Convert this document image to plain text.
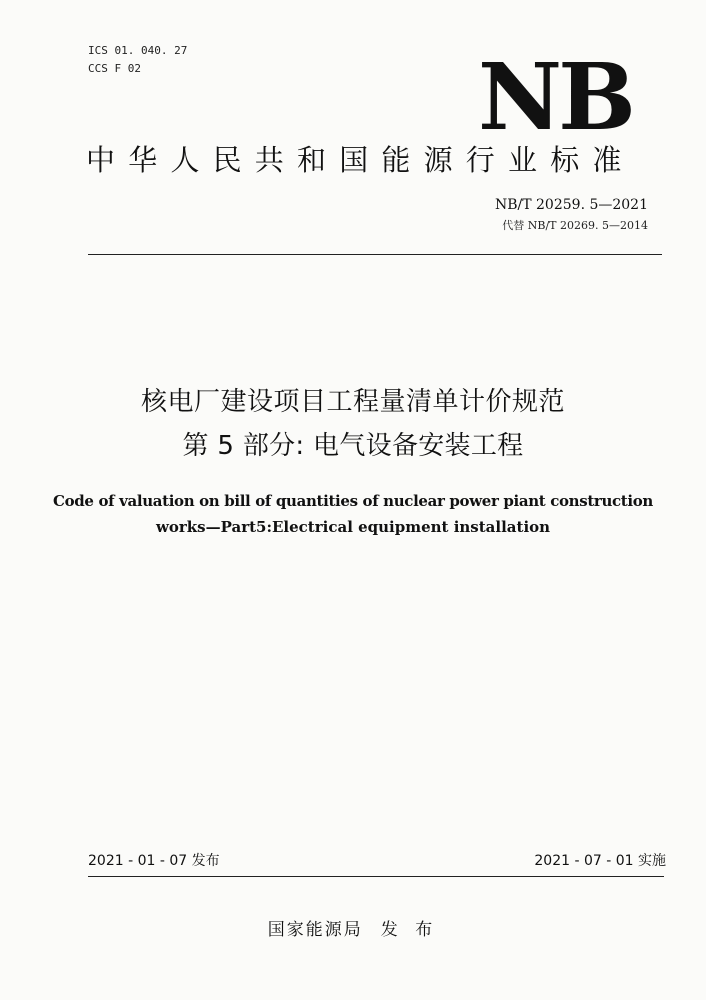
ICS 01. 040. 27
CCS F 02	NB
中华人民共和国能源行业标准
NB/T 20259. 5—2021
代替 NB/T 20269. 5—2014
核电厂建设项目工程量清单计价规范
第 5 部分: 电气设备安装工程
Code of valuation on bill of quantities of nuclear power piant construction
works—Part5:Electrical equipment installation
2021 - 01 - 07 发布	2021 - 07 - 01 实施
国家能源局 发 布
